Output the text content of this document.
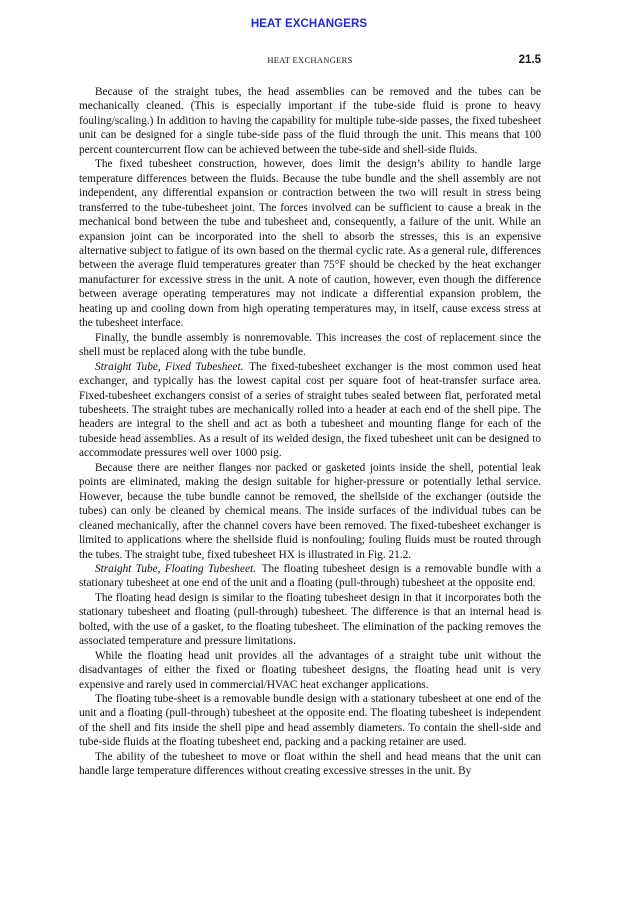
HEAT EXCHANGERS
HEAT EXCHANGERS	21.5

Because of the straight tubes, the head assemblies can be removed and the tubes can be mechanically cleaned. (This is especially important if the tube-side fluid is prone to heavy fouling/scaling.) In addition to having the capability for multiple tube-side passes, the fixed tubesheet unit can be designed for a single tube-side pass of the fluid through the unit. This means that 100 percent countercurrent flow can be achieved between the tube-side and shell-side fluids.

The fixed tubesheet construction, however, does limit the design’s ability to handle large temperature differences between the fluids. Because the tube bundle and the shell assembly are not independent, any differential expansion or contraction between the two will result in stress being transferred to the tube-tubesheet joint. The forces involved can be sufficient to cause a break in the mechanical bond between the tube and tubesheet and, consequently, a failure of the unit. While an expansion joint can be incorporated into the shell to absorb the stresses, this is an expensive alternative subject to fatigue of its own based on the thermal cyclic rate. As a general rule, differences between the average fluid temperatures greater than 75°F should be checked by the heat exchanger manufacturer for excessive stress in the unit. A note of caution, however, even though the difference between average operating temperatures may not indicate a differential expansion problem, the heating up and cooling down from high operating temperatures may, in itself, cause excess stress at the tubesheet interface.

Finally, the bundle assembly is nonremovable. This increases the cost of replacement since the shell must be replaced along with the tube bundle.

Straight Tube, Fixed Tubesheet.  The fixed-tubesheet exchanger is the most common used heat exchanger, and typically has the lowest capital cost per square foot of heat-transfer surface area. Fixed-tubesheet exchangers consist of a series of straight tubes sealed between flat, perforated metal tubesheets. The straight tubes are mechanically rolled into a header at each end of the shell pipe. The headers are integral to the shell and act as both a tubesheet and mounting flange for each of the tubeside head assemblies. As a result of its welded design, the fixed tubesheet unit can be designed to accommodate pressures well over 1000 psig.

Because there are neither flanges nor packed or gasketed joints inside the shell, potential leak points are eliminated, making the design suitable for higher-pressure or potentially lethal service. However, because the tube bundle cannot be removed, the shellside of the exchanger (outside the tubes) can only be cleaned by chemical means. The inside surfaces of the individual tubes can be cleaned mechanically, after the channel covers have been removed. The fixed-tubesheet exchanger is limited to applications where the shellside fluid is nonfouling; fouling fluids must be routed through the tubes. The straight tube, fixed tubesheet HX is illustrated in Fig. 21.2.

Straight Tube, Floating Tubesheet.  The floating tubesheet design is a removable bundle with a stationary tubesheet at one end of the unit and a floating (pull-through) tubesheet at the opposite end.

The floating head design is similar to the floating tubesheet design in that it incorporates both the stationary tubesheet and floating (pull-through) tubesheet. The difference is that an internal head is bolted, with the use of a gasket, to the floating tubesheet. The elimination of the packing removes the associated temperature and pressure limitations.

While the floating head unit provides all the advantages of a straight tube unit without the disadvantages of either the fixed or floating tubesheet designs, the floating head unit is very expensive and rarely used in commercial/HVAC heat exchanger applications.

The floating tube-sheet is a removable bundle design with a stationary tubesheet at one end of the unit and a floating (pull-through) tubesheet at the opposite end. The floating tubesheet is independent of the shell and fits inside the shell pipe and head assembly diameters. To contain the shell-side and tube-side fluids at the floating tubesheet end, packing and a packing retainer are used.

The ability of the tubesheet to move or float within the shell and head means that the unit can handle large temperature differences without creating excessive stresses in the unit. By
